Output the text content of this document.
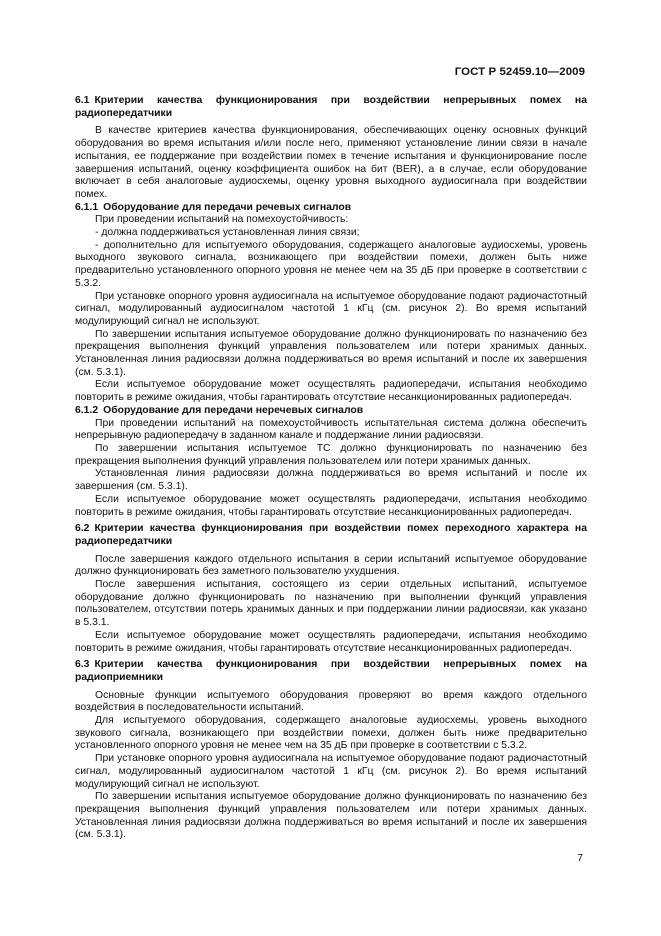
ГОСТ Р 52459.10—2009

6.1 Критерии качества функционирования при воздействии непрерывных помех на радиопередатчики

В качестве критериев качества функционирования, обеспечивающих оценку основных функций оборудования во время испытания и/или после него, применяют установление линии связи в начале испытания, ее поддержание при воздействии помех в течение испытания и функционирование после завершения испытаний, оценку коэффициента ошибок на бит (BER), а в случае, если оборудование включает в себя аналоговые аудиосхемы, оценку уровня выходного аудиосигнала при воздействии помех.

6.1.1 Оборудование для передачи речевых сигналов

При проведении испытаний на помехоустойчивость:

- должна поддерживаться установленная линия связи;

- дополнительно для испытуемого оборудования, содержащего аналоговые аудиосхемы, уровень выходного звукового сигнала, возникающего при воздействии помехи, должен быть ниже предварительно установленного опорного уровня не менее чем на 35 дБ при проверке в соответствии с 5.3.2.

При установке опорного уровня аудиосигнала на испытуемое оборудование подают радиочастотный сигнал, модулированный аудиосигналом частотой 1 кГц (см. рисунок 2). Во время испытаний модулирующий сигнал не используют.

По завершении испытания испытуемое оборудование должно функционировать по назначению без прекращения выполнения функций управления пользователем или потери хранимых данных. Установленная линия радиосвязи должна поддерживаться во время испытаний и после их завершения (см. 5.3.1).

Если испытуемое оборудование может осуществлять радиопередачи, испытания необходимо повторить в режиме ожидания, чтобы гарантировать отсутствие несанкционированных радиопередач.

6.1.2 Оборудование для передачи неречевых сигналов

При проведении испытаний на помехоустойчивость испытательная система должна обеспечить непрерывную радиопередачу в заданном канале и поддержание линии радиосвязи.

По завершении испытания испытуемое ТС должно функционировать по назначению без прекращения выполнения функций управления пользователем или потери хранимых данных.

Установленная линия радиосвязи должна поддерживаться во время испытаний и после их завершения (см. 5.3.1).

Если испытуемое оборудование может осуществлять радиопередачи, испытания необходимо повторить в режиме ожидания, чтобы гарантировать отсутствие несанкционированных радиопередач.

6.2 Критерии качества функционирования при воздействии помех переходного характера на радиопередатчики

После завершения каждого отдельного испытания в серии испытаний испытуемое оборудование должно функционировать без заметного пользователю ухудшения.

После завершения испытания, состоящего из серии отдельных испытаний, испытуемое оборудование должно функционировать по назначению при выполнении функций управления пользователем, отсутствии потерь хранимых данных и при поддержании линии радиосвязи, как указано в 5.3.1.

Если испытуемое оборудование может осуществлять радиопередачи, испытания необходимо повторить в режиме ожидания, чтобы гарантировать отсутствие несанкционированных радиопередач.

6.3 Критерии качества функционирования при воздействии непрерывных помех на радиоприемники

Основные функции испытуемого оборудования проверяют во время каждого отдельного воздействия в последовательности испытаний.

Для испытуемого оборудования, содержащего аналоговые аудиосхемы, уровень выходного звукового сигнала, возникающего при воздействии помехи, должен быть ниже предварительно установленного опорного уровня не менее чем на 35 дБ при проверке в соответствии с 5.3.2.

При установке опорного уровня аудиосигнала на испытуемое оборудование подают радиочастотный сигнал, модулированный аудиосигналом частотой 1 кГц (см. рисунок 2). Во время испытаний модулирующий сигнал не используют.

По завершении испытания испытуемое оборудование должно функционировать по назначению без прекращения выполнения функций управления пользователем или потери хранимых данных. Установленная линия радиосвязи должна поддерживаться во время испытаний и после их завершения (см. 5.3.1).

7
